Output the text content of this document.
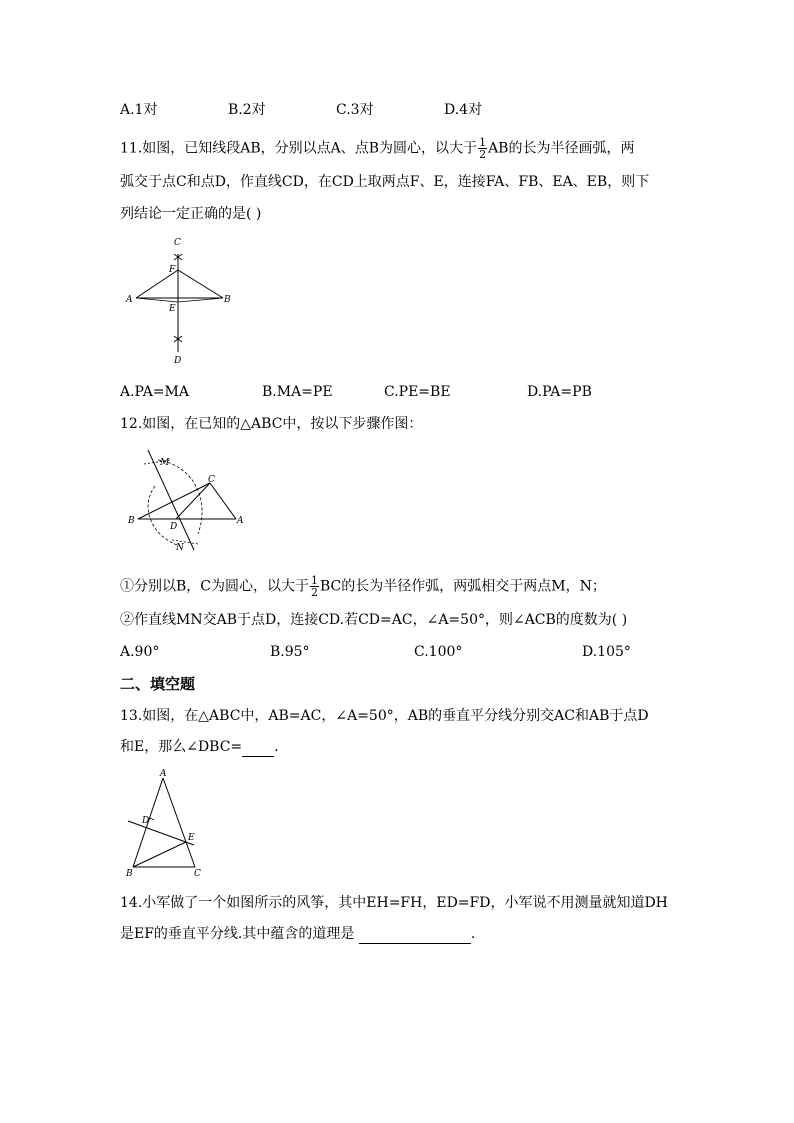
A.1对	B.2对	C.3对	D.4对
11.如图，已知线段AB，分别以点A、点B为圆心，以大于 $\frac{1}{2}$ AB的长为半径画弧，两
弧交于点C和点D，作直线CD，在CD上取两点F、E，连接FA、FB、EA、EB，则下
列结论一定正确的是( )
C
F
A
E
B
D
A.PA=MA	B.MA=PE	C.PE=BE	D.PA=PB
12.如图，在已知的△ABC中，按以下步骤作图：
M
C
B
D
A
N
①分别以B，C为圆心，以大于 $\frac{1}{2}$ BC的长为半径作弧，两弧相交于两点M，N；
②作直线MN交AB于点D，连接CD.若CD=AC，∠A=50°，则∠ACB的度数为( )
A.90°	B.95°	C.100°	D.105°
二、填空题
13.如图，在△ABC中，AB=AC，∠A=50°，AB的垂直平分线分别交AC和AB于点D
和E，那么∠DBC= .
A
D
E
B	C
14.小军做了一个如图所示的风筝，其中EH=FH，ED=FD，小军说不用测量就知道DH
是EF的垂直平分线.其中蕴含的道理是	.
